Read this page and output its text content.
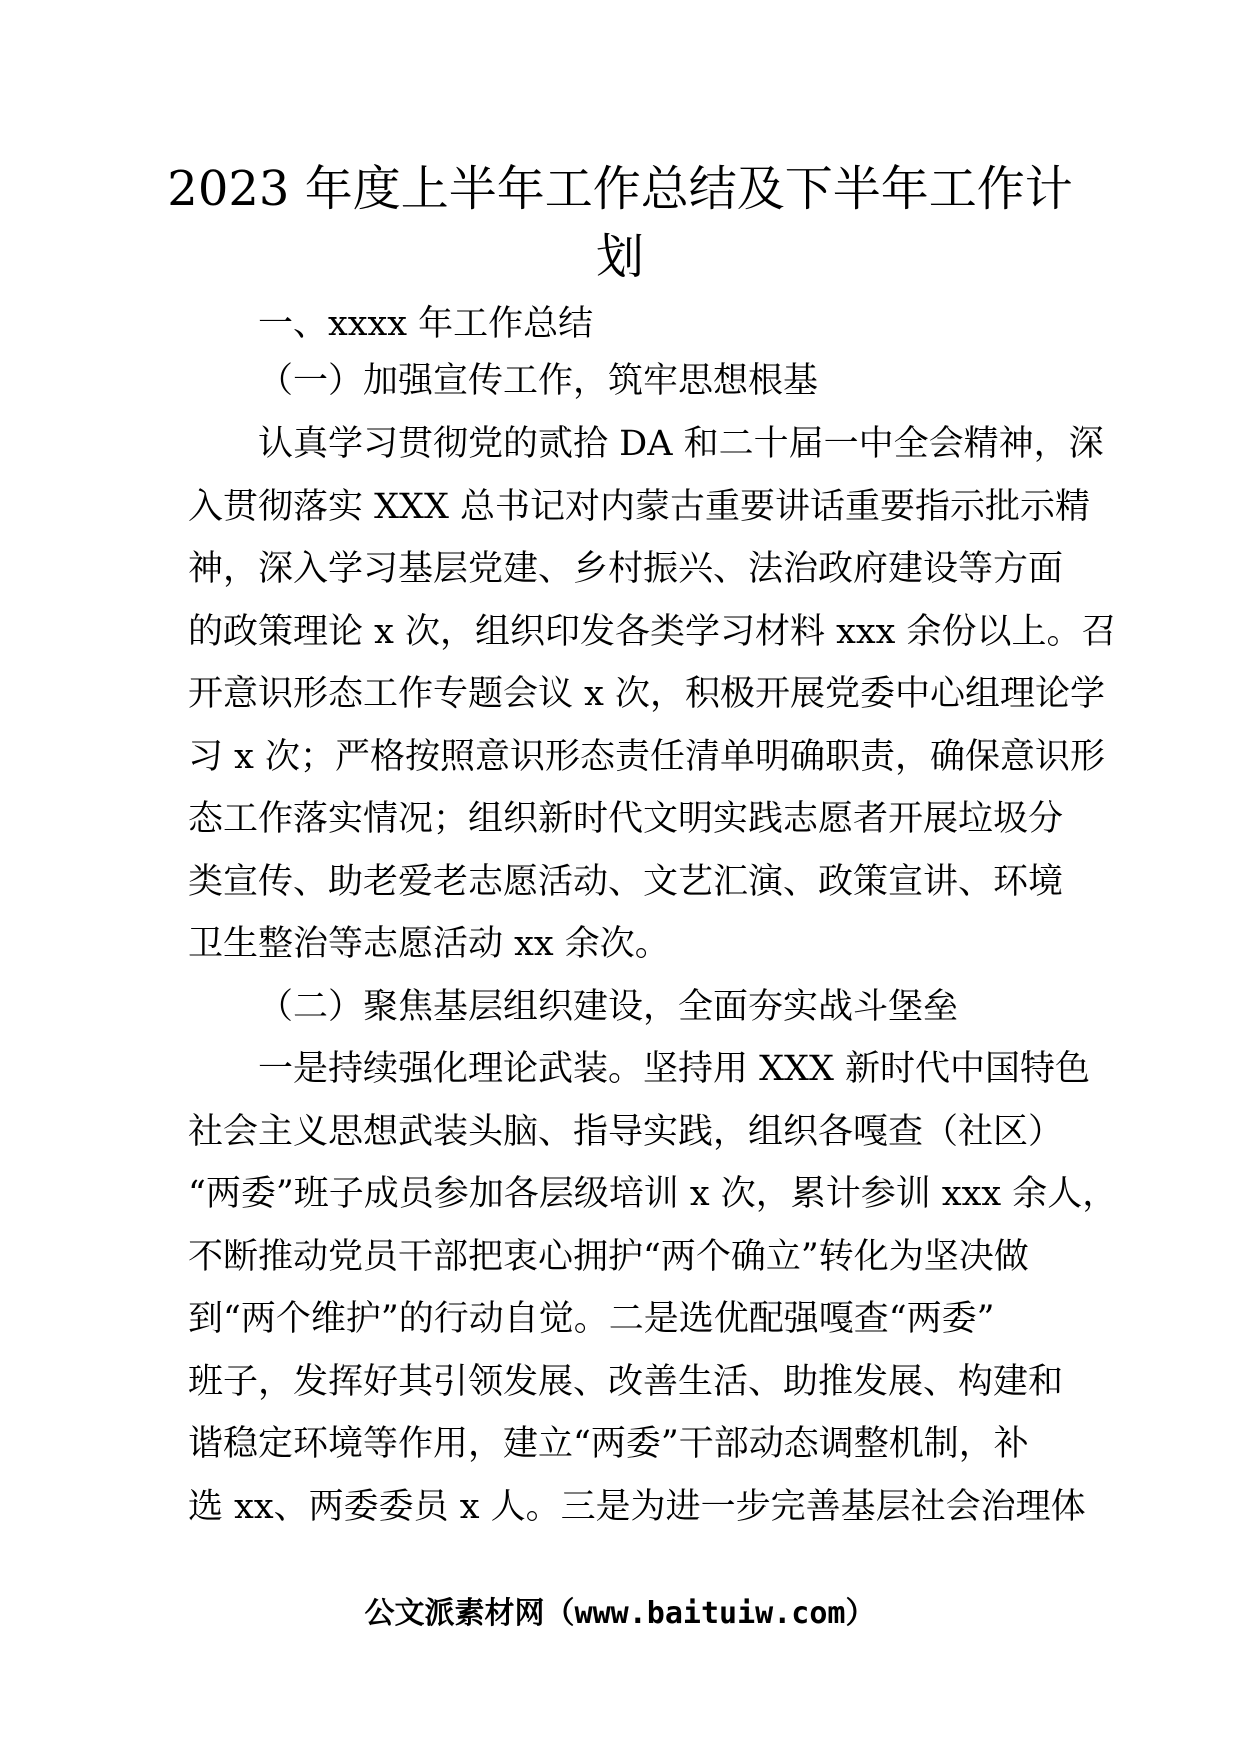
2023 年度上半年工作总结及下半年工作计
划

一、xxxx 年工作总结

（一）加强宣传工作，筑牢思想根基

认真学习贯彻党的贰拾 DA 和二十届一中全会精神，深

入贯彻落实 XXX 总书记对内蒙古重要讲话重要指示批示精

神，深入学习基层党建、乡村振兴、法治政府建设等方面

的政策理论 x 次，组织印发各类学习材料 xxx 余份以上。召

开意识形态工作专题会议 x 次，积极开展党委中心组理论学

习 x 次；严格按照意识形态责任清单明确职责，确保意识形

态工作落实情况；组织新时代文明实践志愿者开展垃圾分

类宣传、助老爱老志愿活动、文艺汇演、政策宣讲、环境

卫生整治等志愿活动 xx 余次。

（二）聚焦基层组织建设，全面夯实战斗堡垒

一是持续强化理论武装。坚持用 XXX 新时代中国特色

社会主义思想武装头脑、指导实践，组织各嘎查（社区）

“两委”班子成员参加各层级培训 x 次，累计参训 xxx 余人，

不断推动党员干部把衷心拥护“两个确立”转化为坚决做

到“两个维护”的行动自觉。二是选优配强嘎查“两委”

班子，发挥好其引领发展、改善生活、助推发展、构建和

谐稳定环境等作用，建立“两委”干部动态调整机制，补

选 xx、两委委员 x 人。三是为进一步完善基层社会治理体

公文派素材网（www.baituiw.com）
